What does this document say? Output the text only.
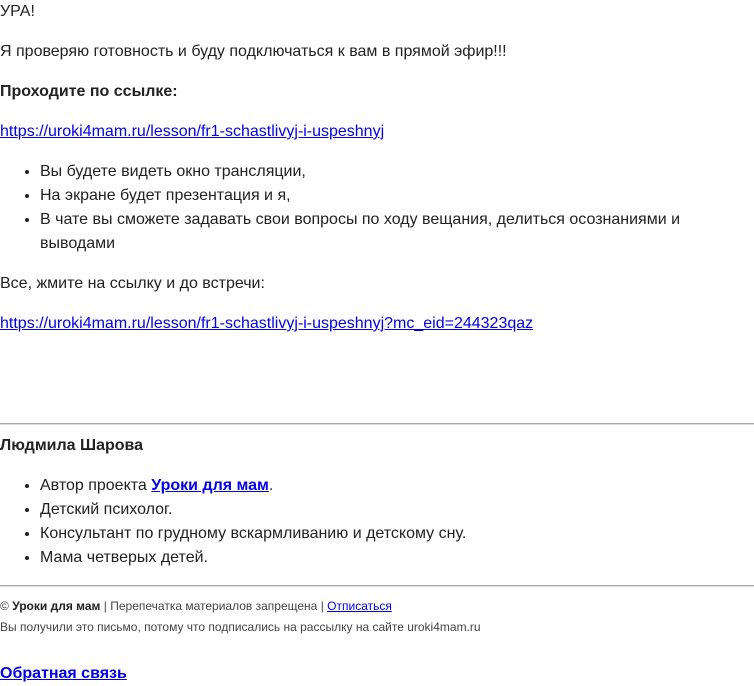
УРА!

Я проверяю готовность и буду подключаться к вам в прямой эфир!!!

Проходите по ссылке:

https://uroki4mam.ru/lesson/fr1-schastlivyj-i-uspeshnyj

• Вы будете видеть окно трансляции,
• На экране будет презентация и я,
• В чате вы сможете задавать свои вопросы по ходу вещания, делиться осознаниями и выводами

Все, жмите на ссылку и до встречи:

https://uroki4mam.ru/lesson/fr1-schastlivyj-i-uspeshnyj?mc_eid=244323qaz

Людмила Шарова

• Автор проекта Уроки для мам.
• Детский психолог.
• Консультант по грудному вскармливанию и детскому сну.
• Мама четверых детей.
© Уроки для мам | Перепечатка материалов запрещена | Отписаться
Вы получили это письмо, потому что подписались на рассылку на сайте uroki4mam.ru
Обратная связь
